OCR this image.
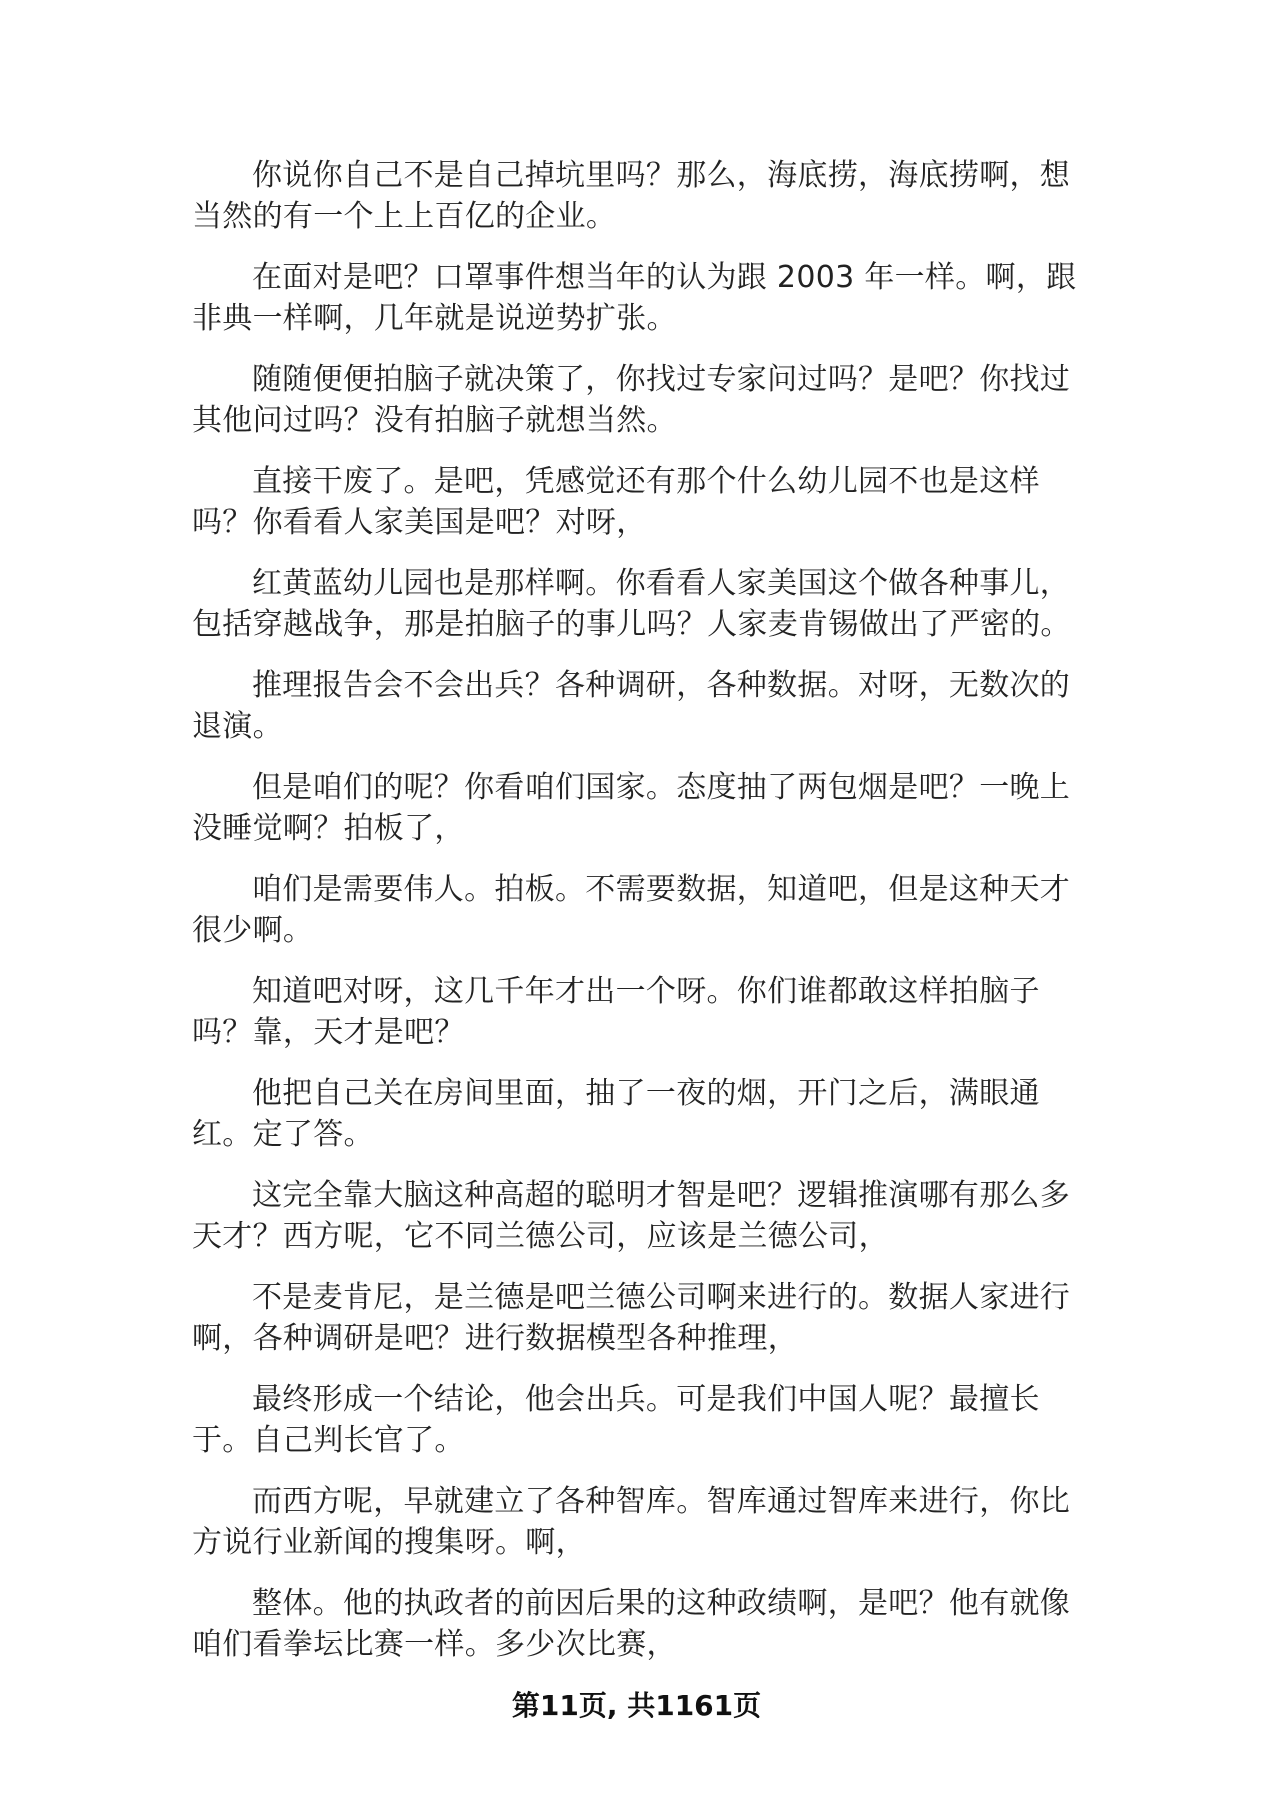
你说你自己不是自己掉坑里吗？那么，海底捞，海底捞啊，想当然的有一个上上百亿的企业。

在面对是吧？口罩事件想当年的认为跟 2003 年一样。啊，跟非典一样啊，几年就是说逆势扩张。

随随便便拍脑子就决策了，你找过专家问过吗？是吧？你找过其他问过吗？没有拍脑子就想当然。

直接干废了。是吧，凭感觉还有那个什么幼儿园不也是这样吗？你看看人家美国是吧？对呀，

红黄蓝幼儿园也是那样啊。你看看人家美国这个做各种事儿，包括穿越战争，那是拍脑子的事儿吗？人家麦肯锡做出了严密的。

推理报告会不会出兵？各种调研，各种数据。对呀，无数次的退演。

但是咱们的呢？你看咱们国家。态度抽了两包烟是吧？一晚上没睡觉啊？拍板了，

咱们是需要伟人。拍板。不需要数据，知道吧，但是这种天才很少啊。

知道吧对呀，这几千年才出一个呀。你们谁都敢这样拍脑子吗？靠，天才是吧？

他把自己关在房间里面，抽了一夜的烟，开门之后，满眼通红。定了答。

这完全靠大脑这种高超的聪明才智是吧？逻辑推演哪有那么多天才？西方呢，它不同兰德公司，应该是兰德公司，

不是麦肯尼，是兰德是吧兰德公司啊来进行的。数据人家进行啊，各种调研是吧？进行数据模型各种推理，

最终形成一个结论，他会出兵。可是我们中国人呢？最擅长于。自己判长官了。

而西方呢，早就建立了各种智库。智库通过智库来进行，你比方说行业新闻的搜集呀。啊，

整体。他的执政者的前因后果的这种政绩啊，是吧？他有就像咱们看拳坛比赛一样。多少次比赛，

第11页, 共1161页
